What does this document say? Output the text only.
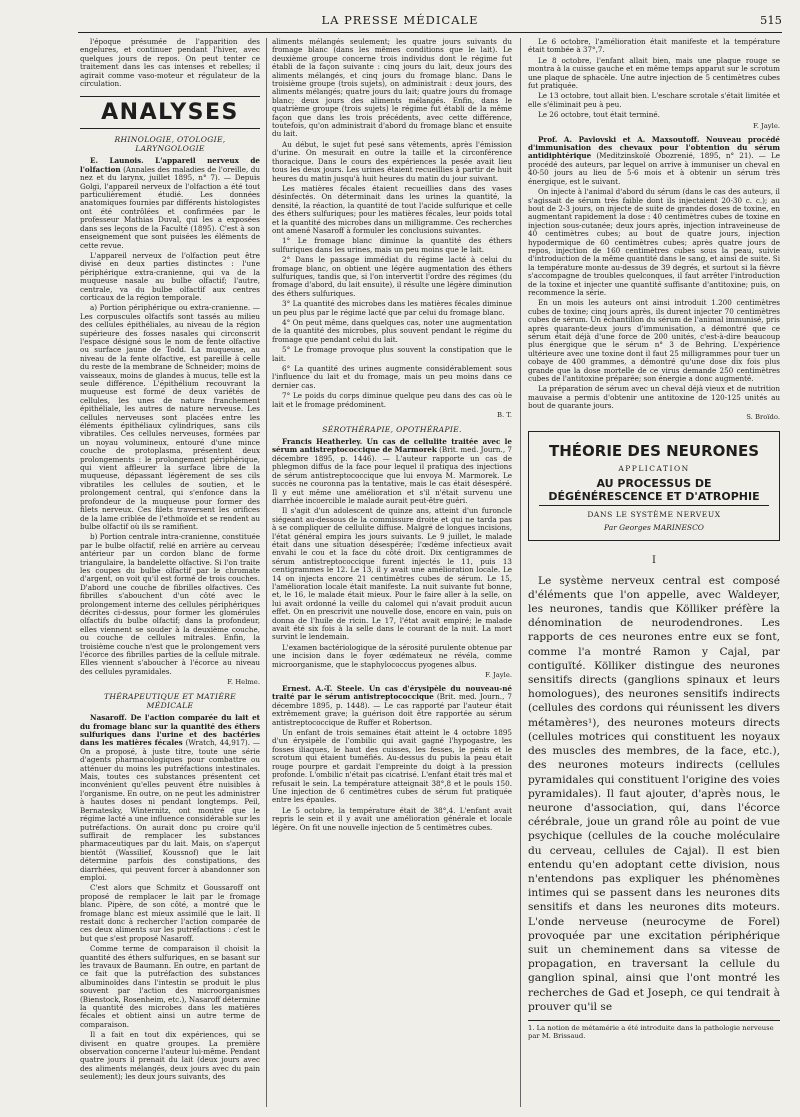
LA PRESSE MÉDICALE	515

l'époque présumée de l'apparition des engelures, et continuer pendant l'hiver, avec quelques jours de repos. On peut tenter ce traitement dans les cas intenses et rebelles; il agirait comme vaso-moteur et régulateur de la circulation.

ANALYSES
RHINOLOGIE, OTOLOGIE, LARYNGOLOGIE

E. Launois. L'appareil nerveux de l'olfaction (Annales des maladies de l'oreille, du nez et du larynx, juillet 1895, n° 7). — Depuis Golgi, l'appareil nerveux de l'olfaction a été tout particulièrement étudié. Les données anatomiques fournies par différents histologistes ont été contrôlées et confirmées par le professeur Mathias Duval, qui les a exposées dans ses leçons de la Faculté (1895). C'est à son enseignement que sont puisées les éléments de cette revue.

L'appareil nerveux de l'olfaction peut être divisé en deux parties distinctes : l'une périphérique extra-cranienne, qui va de la muqueuse nasale au bulbe olfactif; l'autre, centrale, va du bulbe olfactif aux centres corticaux de la région temporale.

a) Portion périphérique ou extra-cranienne. — Les corpuscules olfactifs sont tassés au milieu des cellules épithéliales, au niveau de la région supérieure des fosses nasales qui circonscrit l'espace désigné sous le nom de fente olfactive ou surface jaune de Todd. La muqueuse, au niveau de la fente olfactive, est pareille à celle du reste de la membrane de Schneider; moins de vaisseaux, moins de glandes à mucus, telle est la seule différence. L'épithélium recouvrant la muqueuse est formé de deux variétés de cellules, les unes de nature franchement épithéliale, les autres de nature nerveuse. Les cellules nerveuses sont placées entre les éléments épithéliaux cylindriques, sans cils vibratiles. Ces cellules nerveuses, formées par un noyau volumineux, entouré d'une mince couche de protoplasma, présentent deux prolongements : le prolongement périphérique, qui vient affleurer la surface libre de la muqueuse, dépassant légèrement de ses cils vibratiles les cellules de soutien, et le prolongement central, qui s'enfonce dans la profondeur de la muqueuse pour former des filets nerveux. Ces filets traversent les orifices de la lame criblée de l'ethmoïde et se rendent au bulbe olfactif où ils se ramifient.

b) Portion centrale intra-cranienne, constituée par le bulbe olfactif, relié en arrière au cerveau antérieur par un cordon blanc de forme triangulaire, la bandelette olfactive. Si l'on traite les coupes du bulbe olfactif par le chromate d'argent, on voit qu'il est formé de trois couches. D'abord une couche de fibrilles olfactives. Ces fibrilles s'abouchent d'un côté avec le prolongement interne des cellules périphériques décrites ci-dessus, pour former les glomérules olfactifs du bulbe olfactif; dans la profondeur, elles viennent se souder à la deuxième couche, ou couche de cellules mitrales. Enfin, la troisième couche n'est que le prolongement vers l'écorce des fibrilles parties de la cellule mitrale. Elles viennent s'aboucher à l'écorce au niveau des cellules pyramidales.

F. Helme.
THÉRAPEUTIQUE ET MATIÈRE MÉDICALE

Nasaroff. De l'action comparée du lait et du fromage blanc sur la quantité des éthers sulfuriques dans l'urine et des bactéries dans les matières fécales (Wratch, 44,917). — On a proposé, à juste titre, toute une série d'agents pharmacologiques pour combattre ou atténuer du moins les putréfactions intestinales. Mais, toutes ces substances présentent cet inconvénient qu'elles peuvent être nuisibles à l'organisme. En outre, on ne peut les administrer à hautes doses ni pendant longtemps. Peil, Bernatesky, Winternitz, ont montré que le régime lacté a une influence considérable sur les putréfactions. On aurait donc pu croire qu'il suffirait de remplacer les substances pharmaceutiques par du lait. Mais, on s'aperçut bientôt (Wassilief, Koussnof) que le lait détermine parfois des constipations, des diarrhées, qui peuvent forcer à abandonner son emploi.

C'est alors que Schmitz et Goussaroff ont proposé de remplacer le lait par le fromage blanc. Pipère, de son côté, a montré que le fromage blanc est mieux assimilé que le lait. Il restait donc à rechercher l'action comparée de ces deux aliments sur les putréfactions : c'est le but que s'est proposé Nasaroff.

Comme terme de comparaison il choisit la quantité des éthers sulfuriques, en se basant sur les travaux de Baumann. En outre, en partant de ce fait que la putréfaction des substances albuminoïdes dans l'intestin se produit le plus souvent par l'action des microorganismes (Bienstock, Rosenheim, etc.), Nasaroff détermine la quantité des microbes dans les matières fécales et obtient ainsi un autre terme de comparaison.

Il a fait en tout dix expériences, qui se divisent en quatre groupes. La première observation concerne l'auteur lui-même. Pendant quatre jours il prenait du lait (deux jours avec des aliments mélangés, deux jours avec du pain seulement); les deux jours suivants, des

aliments mélangés seulement; les quatre jours suivants du fromage blanc (dans les mêmes conditions que le lait). Le deuxième groupe concerne trois individus dont le régime fut établi de la façon suivante : cinq jours du lait, deux jours des aliments mélangés, et cinq jours du fromage blanc. Dans le troisième groupe (trois sujets), on administrait : deux jours, des aliments mélangés; quatre jours du lait; quatre jours du fromage blanc; deux jours des aliments mélangés. Enfin, dans le quatrième groupe (trois sujets) le régime fut établi de la même façon que dans les trois précédents, avec cette différence, toutefois, qu'on administrait d'abord du fromage blanc et ensuite du lait.

Au début, le sujet fut pesé sans vêtements, après l'émission d'urine. On mesurait en outre la taille et la circonférence thoracique. Dans le cours des expériences la pesée avait lieu tous les deux jours. Les urines étaient recueillies à partir de huit heures du matin jusqu'à huit heures du matin du jour suivant.

Les matières fécales étaient recueillies dans des vases désinfectés. On déterminait dans les urines la quantité, la densité, la réaction, la quantité de tout l'acide sulfurique et celle des éthers sulfuriques; pour les matières fécales, leur poids total et la quantité des microbes dans un milligramme. Ces recherches ont amené Nasaroff à formuler les conclusions suivantes.

1° Le fromage blanc diminue la quantité des éthers sulfuriques dans les urines, mais un peu moins que le lait.

2° Dans le passage immédiat du régime lacté à celui du fromage blanc, on obtient une légère augmentation des éthers sulfuriques, tandis que, si l'on intervertit l'ordre des régimes (du fromage d'abord, du lait ensuite), il résulte une légère diminution des éthers sulfuriques.

3° La quantité des microbes dans les matières fécales diminue un peu plus par le régime lacté que par celui du fromage blanc.

4° On peut même, dans quelques cas, noter une augmentation de la quantité des microbes, plus souvent pendant le régime du fromage que pendant celui du lait.

5° Le fromage provoque plus souvent la constipation que le lait.

6° La quantité des urines augmente considérablement sous l'influence du lait et du fromage, mais un peu moins dans ce dernier cas.

7° Le poids du corps diminue quelque peu dans des cas où le lait et le fromage prédominent.

B. T.
SÉROTHÉRAPIE, OPOTHÉRAPIE.

Francis Heatherley. Un cas de cellulite traitée avec le sérum antistreptococcique de Marmorek (Brit. med. Journ., 7 décembre 1895, p. 1446). — L'auteur rapporte un cas de phlegmon diffus de la face pour lequel il pratiqua des injections de sérum antistreptococcique que lui envoya M. Marmorek. Le succès ne couronna pas la tentative, mais le cas était désespéré. Il y eut même une amélioration et s'il n'était survenu une diarrhée incoercible le malade aurait peut-être guéri.

Il s'agit d'un adolescent de quinze ans, atteint d'un furoncle siégeant au-dessous de la commissure droite et qui ne tarda pas à se compliquer de cellulite diffuse. Malgré de longues incisions, l'état général empira les jours suivants. Le 9 juillet, le malade était dans une situation désespérée; l'œdème infectieux avait envahi le cou et la face du côté droit. Dix centigrammes de sérum antistreptococcique furent injectés le 11, puis 13 centigrammes le 12. Le 13, il y avait une amélioration locale. Le 14 on injecta encore 21 centimètres cubes de sérum. Le 15, l'amélioration locale était manifeste. La nuit suivante fut bonne, et, le 16, le malade était mieux. Pour le faire aller à la selle, on lui avait ordonné la veille du calomel qui n'avait produit aucun effet. On en prescrivit une nouvelle dose, encore en vain, puis on donna de l'huile de ricin. Le 17, l'état avait empiré; le malade avait été six fois à la selle dans le courant de la nuit. La mort survint le lendemain.

L'examen bactériologique de la sérosité purulente obtenue par une incision dans le foyer œdémateux ne révéla, comme microorganisme, que le staphylococcus pyogenes albus.

F. Jayle.

Ernest. A.-T. Steele. Un cas d'érysipèle du nouveau-né traité par le sérum antistreptococcique (Brit. med. Journ., 7 décembre 1895, p. 1448). — Le cas rapporté par l'auteur était extrêmement grave; la guérison doit être rapportée au sérum antistreptococcique de Ruffer et Robertson.

Un enfant de trois semaines était atteint le 4 octobre 1895 d'un érysipèle de l'ombilic qui avait gagné l'hypogastre, les fosses iliaques, le haut des cuisses, les fesses, le pénis et le scrotum qui étaient tuméfiés. Au-dessus du pubis la peau était rouge pourpre et gardait l'empreinte du doigt à la pression profonde. L'ombilic n'était pas cicatrisé. L'enfant était très mal et refusait le sein. La température atteignait 38°,8 et le pouls 150. Une injection de 6 centimètres cubes de sérum fut pratiquée entre les épaules.

Le 5 octobre, la température était de 38°,4. L'enfant avait repris le sein et il y avait une amélioration générale et locale légère. On fit une nouvelle injection de 5 centimètres cubes.

Le 6 octobre, l'amélioration était manifeste et la température était tombée à 37°,7.

Le 8 octobre, l'enfant allait bien, mais une plaque rouge se montra à la cuisse gauche et en même temps apparut sur le scrotum une plaque de sphacèle. Une autre injection de 5 centimètres cubes fut pratiquée.

Le 13 octobre, tout allait bien. L'eschare scrotale s'était limitée et elle s'éliminait peu à peu.

Le 26 octobre, tout était terminé.

F. Jayle.

Prof. A. Pavlovski et A. Maxsoutoff. Nouveau procédé d'immunisation des chevaux pour l'obtention du sérum antidiphtérique (Meditzinskoïé Obozrenié, 1895, n° 21). — Le procédé des auteurs, par lequel on arrive à immuniser un cheval en 40-50 jours au lieu de 5-6 mois et à obtenir un sérum très énergique, est le suivant.

On injecte à l'animal d'abord du sérum (dans le cas des auteurs, il s'agissait de sérum très faible dont ils injectaient 20-30 c. c.); au bout de 2-3 jours, on injecte de suite de grandes doses de toxine, en augmentant rapidement la dose : 40 centimètres cubes de toxine en injection sous-cutanée; deux jours après, injection intraveineuse de 40 centimètres cubes; au bout de quatre jours, injection hypodermique de 60 centimètres cubes; après quatre jours de repos, injection de 160 centimètres cubes sous la peau, suivie d'introduction de la même quantité dans le sang, et ainsi de suite. Si la température monte au-dessus de 39 degrés, et surtout si la fièvre s'accompagne de troubles quelconques, il faut arrêter l'introduction de la toxine et injecter une quantité suffisante d'antitoxine; puis, on recommence la série.

En un mois les auteurs ont ainsi introduit 1.200 centimètres cubes de toxine; cinq jours après, ils durent injecter 70 centimètres cubes de sérum. Un échantillon du sérum de l'animal immunisé, pris après quarante-deux jours d'immunisation, a démontré que ce sérum était déjà d'une force de 200 unités, c'est-à-dire beaucoup plus énergique que le sérum n° 3 de Behring. L'expérience ultérieure avec une toxine dont il faut 25 milligrammes pour tuer un cobaye de 400 grammes, a démontré qu'une dose dix fois plus grande que la dose mortelle de ce virus demande 250 centimètres cubes de l'antitoxine préparée; son énergie a donc augmenté.

La préparation de sérum avec un cheval déjà vieux et de nutrition mauvaise a permis d'obtenir une antitoxine de 120-125 unités au bout de quarante jours.

S. Broïdo.
THÉORIE DES NEURONES
APPLICATION
AU PROCESSUS DE DÉGÉNÉRESCENCE ET D'ATROPHIE
DANS LE SYSTÈME NERVEUX
Par Georges MARINESCO
I

Le système nerveux central est composé d'éléments que l'on appelle, avec Waldeyer, les neurones, tandis que Kölliker préfère la dénomination de neurodendrones. Les rapports de ces neurones entre eux se font, comme l'a montré Ramon y Cajal, par contiguïté. Kölliker distingue des neurones sensitifs directs (ganglions spinaux et leurs homologues), des neurones sensitifs indirects (cellules des cordons qui réunissent les divers métamères¹), des neurones moteurs directs (cellules motrices qui constituent les noyaux des muscles des membres, de la face, etc.), des neurones moteurs indirects (cellules pyramidales qui constituent l'origine des voies pyramidales). Il faut ajouter, d'après nous, le neurone d'association, qui, dans l'écorce cérébrale, joue un grand rôle au point de vue psychique (cellules de la couche moléculaire du cerveau, cellules de Cajal). Il est bien entendu qu'en adoptant cette division, nous n'entendons pas expliquer les phénomènes intimes qui se passent dans les neurones dits sensitifs et dans les neurones dits moteurs. L'onde nerveuse (neurocyme de Forel) provoquée par une excitation périphérique suit un cheminement dans sa vitesse de propagation, en traversant la cellule du ganglion spinal, ainsi que l'ont montré les recherches de Gad et Joseph, ce qui tendrait à prouver qu'il se

1. La notion de métamérie a été introduite dans la pathologie nerveuse par M. Brissaud.
